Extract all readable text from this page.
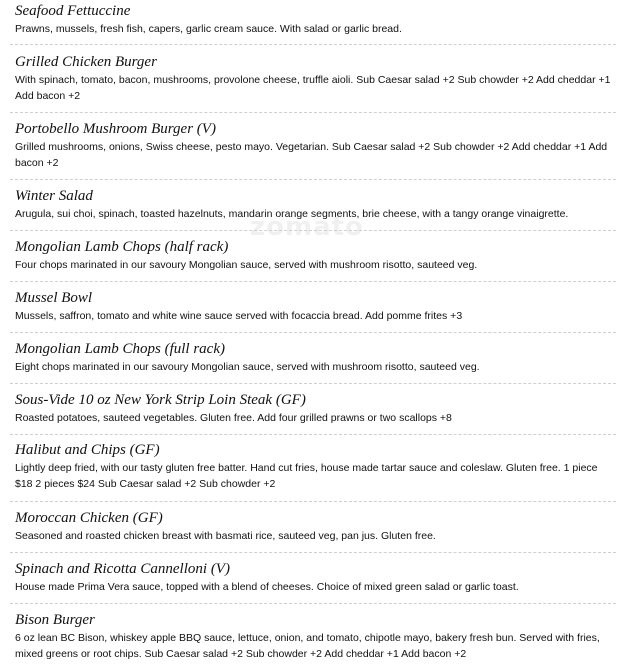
zomato
Seafood Fettuccine
Prawns, mussels, fresh fish, capers, garlic cream sauce. With salad or garlic bread.
Grilled Chicken Burger
With spinach, tomato, bacon, mushrooms, provolone cheese, truffle aioli. Sub Caesar salad +2 Sub chowder +2 Add cheddar +1 Add bacon +2
Portobello Mushroom Burger (V)
Grilled mushrooms, onions, Swiss cheese, pesto mayo. Vegetarian. Sub Caesar salad +2 Sub chowder +2 Add cheddar +1 Add bacon +2
Winter Salad
Arugula, sui choi, spinach, toasted hazelnuts, mandarin orange segments, brie cheese, with a tangy orange vinaigrette.
Mongolian Lamb Chops (half rack)
Four chops marinated in our savoury Mongolian sauce, served with mushroom risotto, sauteed veg.
Mussel Bowl
Mussels, saffron, tomato and white wine sauce served with focaccia bread. Add pomme frites +3
Mongolian Lamb Chops (full rack)
Eight chops marinated in our savoury Mongolian sauce, served with mushroom risotto, sauteed veg.
Sous-Vide 10 oz New York Strip Loin Steak (GF)
Roasted potatoes, sauteed vegetables. Gluten free. Add four grilled prawns or two scallops +8
Halibut and Chips (GF)
Lightly deep fried, with our tasty gluten free batter. Hand cut fries, house made tartar sauce and coleslaw. Gluten free. 1 piece $18 2 pieces $24 Sub Caesar salad +2 Sub chowder +2
Moroccan Chicken (GF)
Seasoned and roasted chicken breast with basmati rice, sauteed veg, pan jus. Gluten free.
Spinach and Ricotta Cannelloni (V)
House made Prima Vera sauce, topped with a blend of cheeses. Choice of mixed green salad or garlic toast.
Bison Burger
6 oz lean BC Bison, whiskey apple BBQ sauce, lettuce, onion, and tomato, chipotle mayo, bakery fresh bun. Served with fries, mixed greens or root chips. Sub Caesar salad +2 Sub chowder +2 Add cheddar +1 Add bacon +2
